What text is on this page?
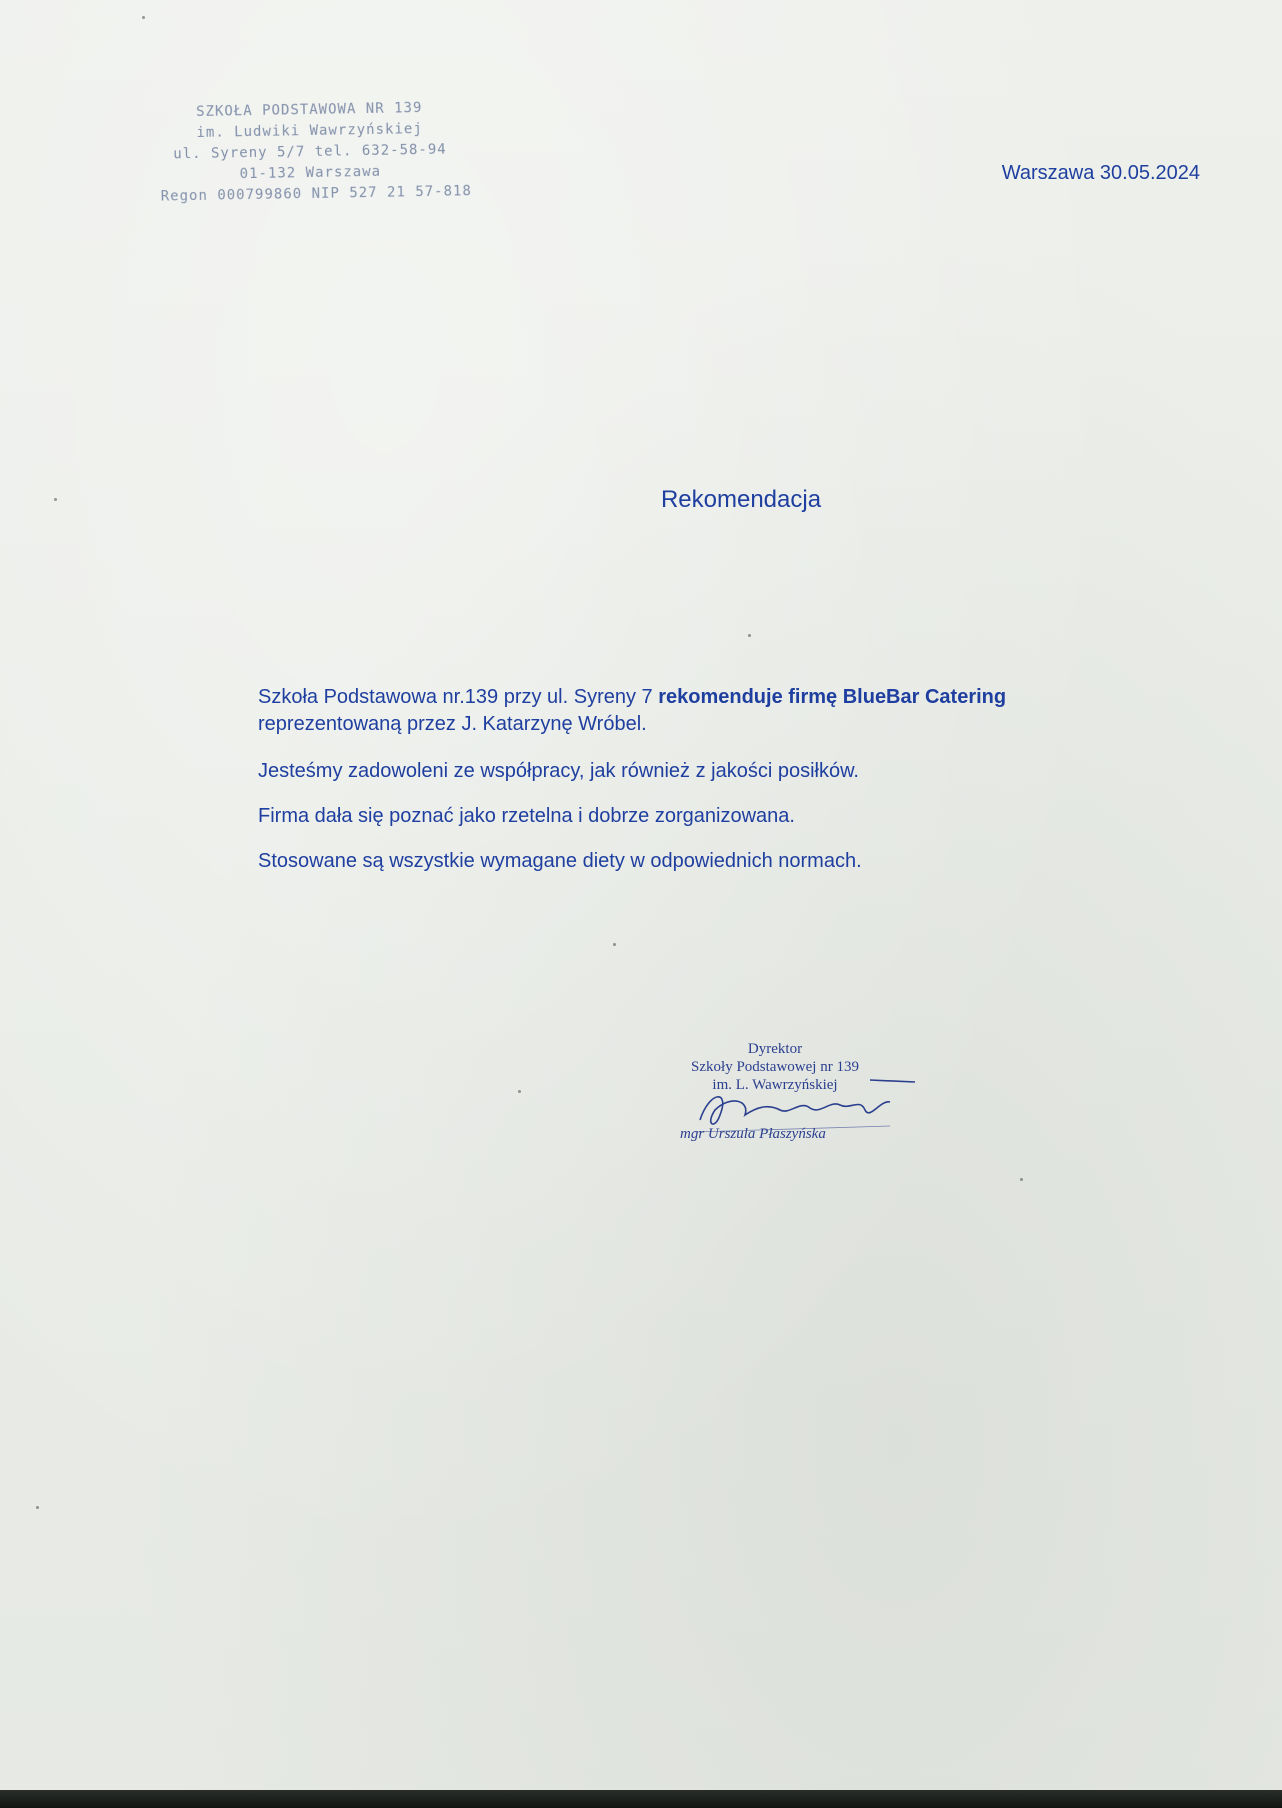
SZKOŁA PODSTAWOWA NR 139
im. Ludwiki Wawrzyńskiej
ul. Syreny 5/7 tel. 632-58-94
01-132 Warszawa
Regon 000799860 NIP 527 21 57-818
Warszawa 30.05.2024
Rekomendacja

Szkoła Podstawowa nr.139 przy ul. Syreny 7 rekomenduje firmę BlueBar Catering
reprezentowaną przez J. Katarzynę Wróbel.

Jesteśmy zadowoleni ze współpracy, jak również z jakości posiłków.

Firma dała się poznać jako rzetelna i dobrze zorganizowana.

Stosowane są wszystkie wymagane diety w odpowiednich normach.

Dyrektor
Szkoły Podstawowej nr 139
im. L. Wawrzyńskiej
mgr Urszula Płaszyńska
